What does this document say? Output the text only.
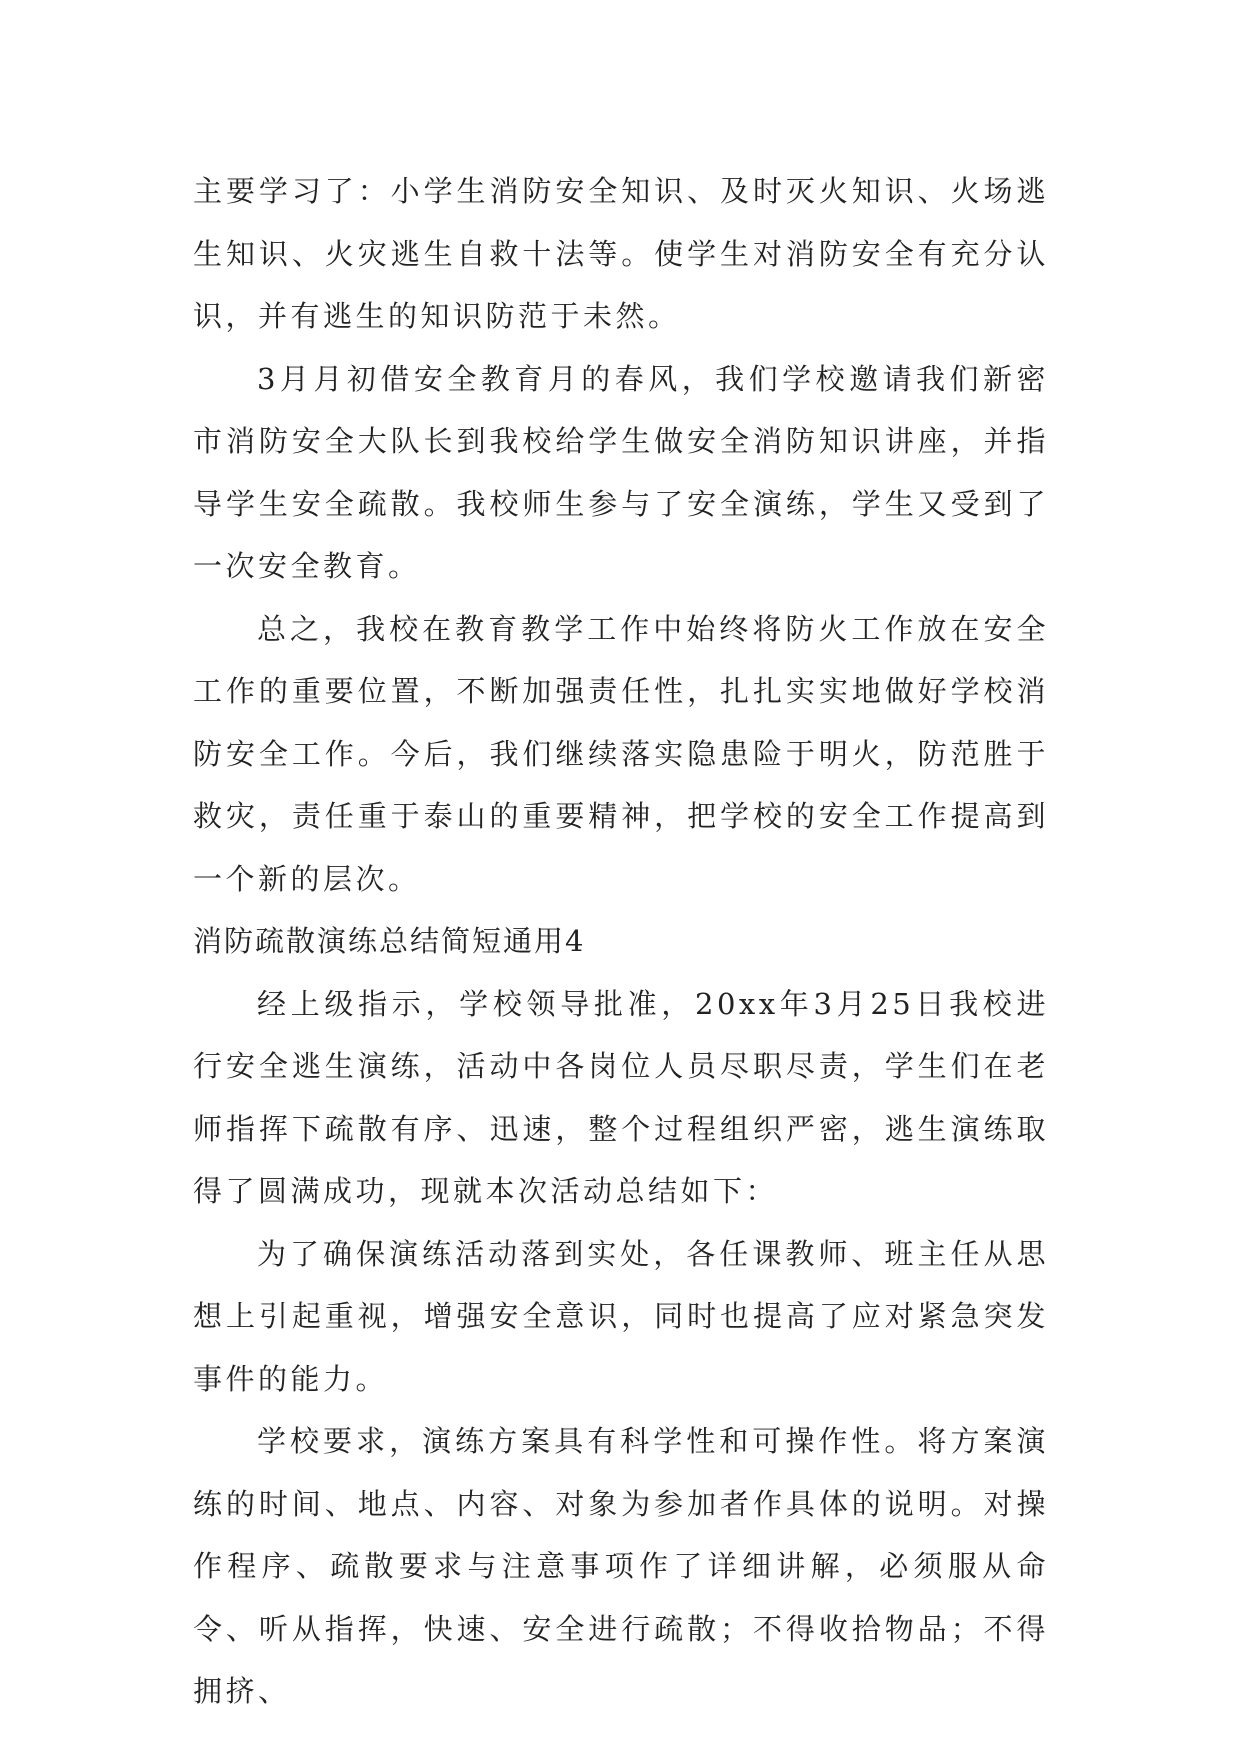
主要学习了：小学生消防安全知识、及时灭火知识、火场逃生知识、火灾逃生自救十法等。使学生对消防安全有充分认识，并有逃生的知识防范于未然。

3月月初借安全教育月的春风，我们学校邀请我们新密市消防安全大队长到我校给学生做安全消防知识讲座，并指导学生安全疏散。我校师生参与了安全演练，学生又受到了一次安全教育。

总之，我校在教育教学工作中始终将防火工作放在安全工作的重要位置，不断加强责任性，扎扎实实地做好学校消防安全工作。今后，我们继续落实隐患险于明火，防范胜于救灾，责任重于泰山的重要精神，把学校的安全工作提高到一个新的层次。

消防疏散演练总结简短通用4

经上级指示，学校领导批准，20xx年3月25日我校进行安全逃生演练，活动中各岗位人员尽职尽责，学生们在老师指挥下疏散有序、迅速，整个过程组织严密，逃生演练取得了圆满成功，现就本次活动总结如下：

为了确保演练活动落到实处，各任课教师、班主任从思想上引起重视，增强安全意识，同时也提高了应对紧急突发事件的能力。

学校要求，演练方案具有科学性和可操作性。将方案演练的时间、地点、内容、对象为参加者作具体的说明。对操作程序、疏散要求与注意事项作了详细讲解，必须服从命令、听从指挥，快速、安全进行疏散；不得收拾物品；不得拥挤、
